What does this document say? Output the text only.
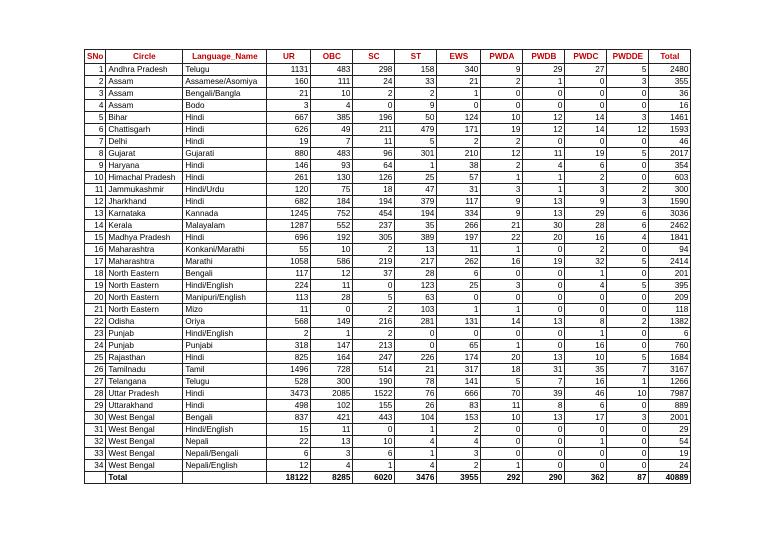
SNo	Circle	Language_Name	UR	OBC	SC	ST	EWS	PWDA	PWDB	PWDC	PWDDE	Total
1	Andhra Pradesh	Telugu	1131	483	298	158	340	9	29	27	5	2480
2	Assam	Assamese/Asomiya	160	111	24	33	21	2	1	0	3	355
3	Assam	Bengali/Bangla	21	10	2	2	1	0	0	0	0	36
4	Assam	Bodo	3	4	0	9	0	0	0	0	0	16
5	Bihar	Hindi	667	385	196	50	124	10	12	14	3	1461
6	Chattisgarh	Hindi	626	49	211	479	171	19	12	14	12	1593
7	Delhi	Hindi	19	7	11	5	2	2	0	0	0	46
8	Gujarat	Gujarati	880	483	96	301	210	12	11	19	5	2017
9	Haryana	Hindi	146	93	64	1	38	2	4	6	0	354
10	Himachal Pradesh	Hindi	261	130	126	25	57	1	1	2	0	603
11	Jammukashmir	Hindi/Urdu	120	75	18	47	31	3	1	3	2	300
12	Jharkhand	Hindi	682	184	194	379	117	9	13	9	3	1590
13	Karnataka	Kannada	1245	752	454	194	334	9	13	29	6	3036
14	Kerala	Malayalam	1287	552	237	35	266	21	30	28	6	2462
15	Madhya Pradesh	Hindi	696	192	305	389	197	22	20	16	4	1841
16	Maharashtra	Konkani/Marathi	55	10	2	13	11	1	0	2	0	94
17	Maharashtra	Marathi	1058	586	219	217	262	16	19	32	5	2414
18	North Eastern	Bengali	117	12	37	28	6	0	0	1	0	201
19	North Eastern	Hindi/English	224	11	0	123	25	3	0	4	5	395
20	North Eastern	Manipuri/English	113	28	5	63	0	0	0	0	0	209
21	North Eastern	Mizo	11	0	2	103	1	1	0	0	0	118
22	Odisha	Oriya	568	149	216	281	131	14	13	8	2	1382
23	Punjab	Hindi/English	2	1	2	0	0	0	0	1	0	6
24	Punjab	Punjabi	318	147	213	0	65	1	0	16	0	760
25	Rajasthan	Hindi	825	164	247	226	174	20	13	10	5	1684
26	Tamilnadu	Tamil	1496	728	514	21	317	18	31	35	7	3167
27	Telangana	Telugu	528	300	190	78	141	5	7	16	1	1266
28	Uttar Pradesh	Hindi	3473	2085	1522	76	666	70	39	46	10	7987
29	Uttarakhand	Hindi	498	102	155	26	83	11	8	6	0	889
30	West Bengal	Bengali	837	421	443	104	153	10	13	17	3	2001
31	West Bengal	Hindi/English	15	11	0	1	2	0	0	0	0	29
32	West Bengal	Nepali	22	13	10	4	4	0	0	1	0	54
33	West Bengal	Nepali/Bengali	6	3	6	1	3	0	0	0	0	19
34	West Bengal	Nepali/English	12	4	1	4	2	1	0	0	0	24
	Total		18122	8285	6020	3476	3955	292	290	362	87	40889
